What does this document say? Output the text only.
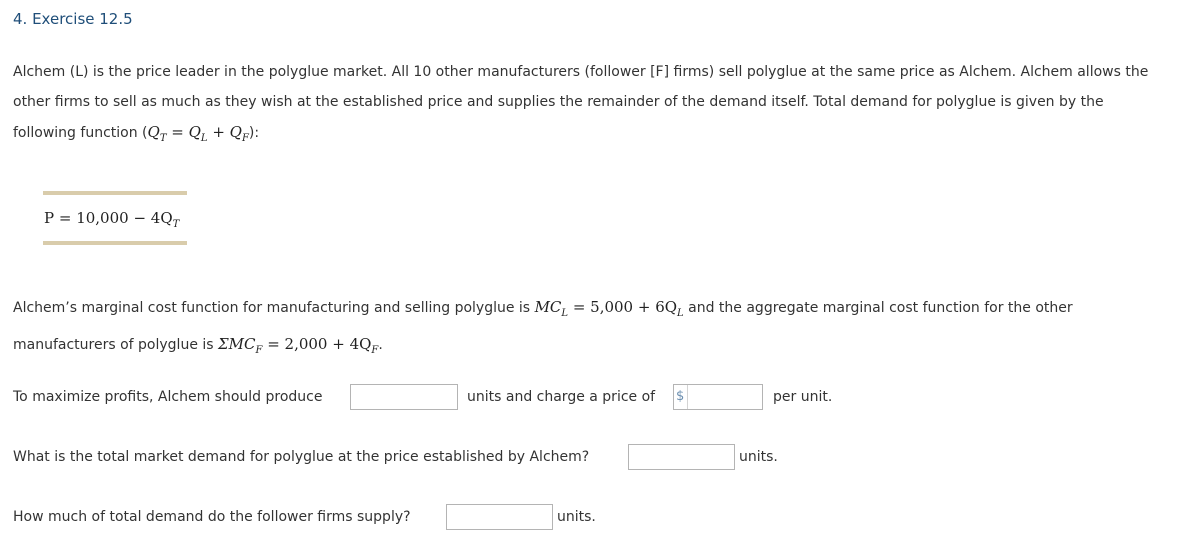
4. Exercise 12.5

Alchem (L) is the price leader in the polyglue market. All 10 other manufacturers (follower [F] firms) sell polyglue at the same price as Alchem. Alchem allows the other firms to sell as much as they wish at the established price and supplies the remainder of the demand itself. Total demand for polyglue is given by the following function $(Q_T = Q_L + Q_F)$:

$P = 10,000 - 4Q_T$

Alchem’s marginal cost function for manufacturing and selling polyglue is $MC_L = 5,000 + 6Q_L$ and the aggregate marginal cost function for the other manufacturers of polyglue is $\Sigma MC_F = 2,000 + 4Q_F$.

To maximize profits, Alchem should produce	units and charge a price of $	per unit.
What is the total market demand for polyglue at the price established by Alchem?	units.
How much of total demand do the follower firms supply?	units.
